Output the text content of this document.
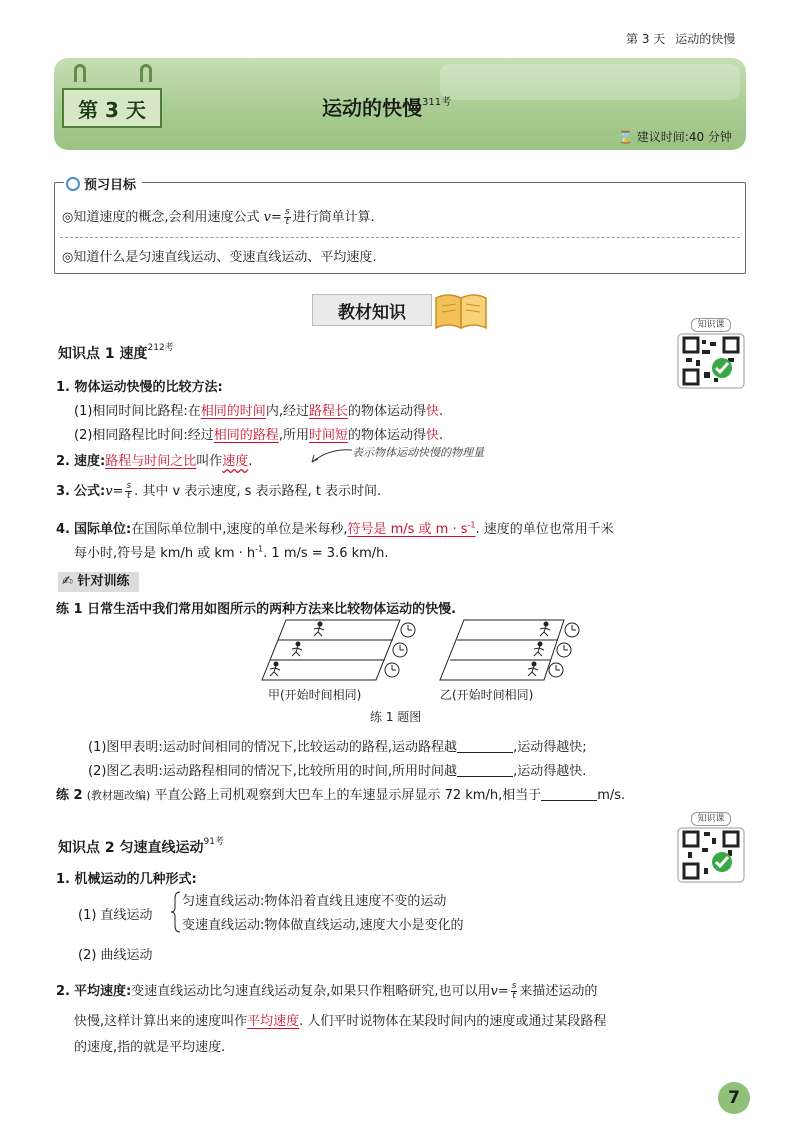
第 3 天 运动的快慢
第 3 天	运动的快慢$^{311考}$
⌛ 建议时间:40 分钟
预习目标
◎知道速度的概念,会利用速度公式 $v= \frac{s}{t}$ 进行简单计算.
◎知道什么是匀速直线运动、变速直线运动、平均速度.
教材知识
知识课
知识点 1 速度$^{212考}$
1. 物体运动快慢的比较方法:
(1)相同时间比路程:在相同的时间内,经过路程长的物体运动得快.
(2)相同路程比时间:经过相同的路程,所用时间短的物体运动得快.
2. 速度:路程与时间之比叫作速度.
表示物体运动快慢的物理量
3. 公式:v= $\frac{s}{t}$ . 其中 v 表示速度, s 表示路程, t 表示时间.
4. 国际单位:在国际单位制中,速度的单位是米每秒,符号是 m/s 或 $m \cdot s^{-1}$. 速度的单位也常用千米
每小时,符号是 km/h 或 km · $h^{-1}$. 1 m/s = 3.6 km/h.
✍ 针对训练
练 1 日常生活中我们常用如图所示的两种方法来比较物体运动的快慢.
甲(开始时间相同)	乙(开始时间相同)
练 1 题图
(1)图甲表明:运动时间相同的情况下,比较运动的路程,运动路程越	,运动得越快;
(2)图乙表明:运动路程相同的情况下,比较所用的时间,所用时间越	,运动得越快.
练 2 (教材题改编) 平直公路上司机观察到大巴车上的车速显示屏显示 72 km/h,相当于	m/s.
知识课
知识点 2 匀速直线运动$^{91考}$
1. 机械运动的几种形式:
(1) 直线运动
匀速直线运动:物体沿着直线且速度不变的运动
变速直线运动:物体做直线运动,速度大小是变化的
(2) 曲线运动
2. 平均速度:变速直线运动比匀速直线运动复杂,如果只作粗略研究,也可以用$v= \frac{s}{t}$ 来描述运动的
快慢,这样计算出来的速度叫作平均速度. 人们平时说物体在某段时间内的速度或通过某段路程
的速度,指的就是平均速度.
7
